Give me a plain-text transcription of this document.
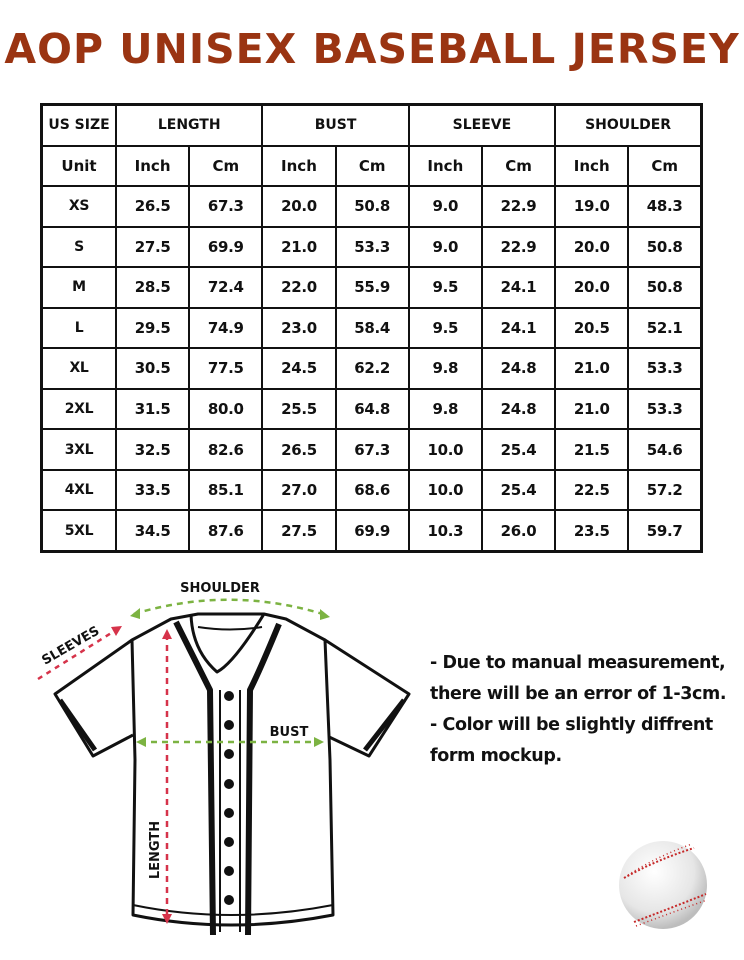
AOP UNISEX BASEBALL JERSEY
US SIZE	LENGTH		BUST		SLEEVE		SHOULDER	
Unit	Inch	Cm	Inch	Cm	Inch	Cm	Inch	Cm
XS	26.5	67.3	20.0	50.8	9.0	22.9	19.0	48.3
S	27.5	69.9	21.0	53.3	9.0	22.9	20.0	50.8
M	28.5	72.4	22.0	55.9	9.5	24.1	20.0	50.8
L	29.5	74.9	23.0	58.4	9.5	24.1	20.5	52.1
XL	30.5	77.5	24.5	62.2	9.8	24.8	21.0	53.3
2XL	31.5	80.0	25.5	64.8	9.8	24.8	21.0	53.3
3XL	32.5	82.6	26.5	67.3	10.0	25.4	21.5	54.6
4XL	33.5	85.1	27.0	68.6	10.0	25.4	22.5	57.2
5XL	34.5	87.6	27.5	69.9	10.3	26.0	23.5	59.7
SHOULDER
SLEEVES
BUST
LENGTH

- Due to manual measurement, there will be an error of 1-3cm.

- Color will be slightly diffrent form mockup.
